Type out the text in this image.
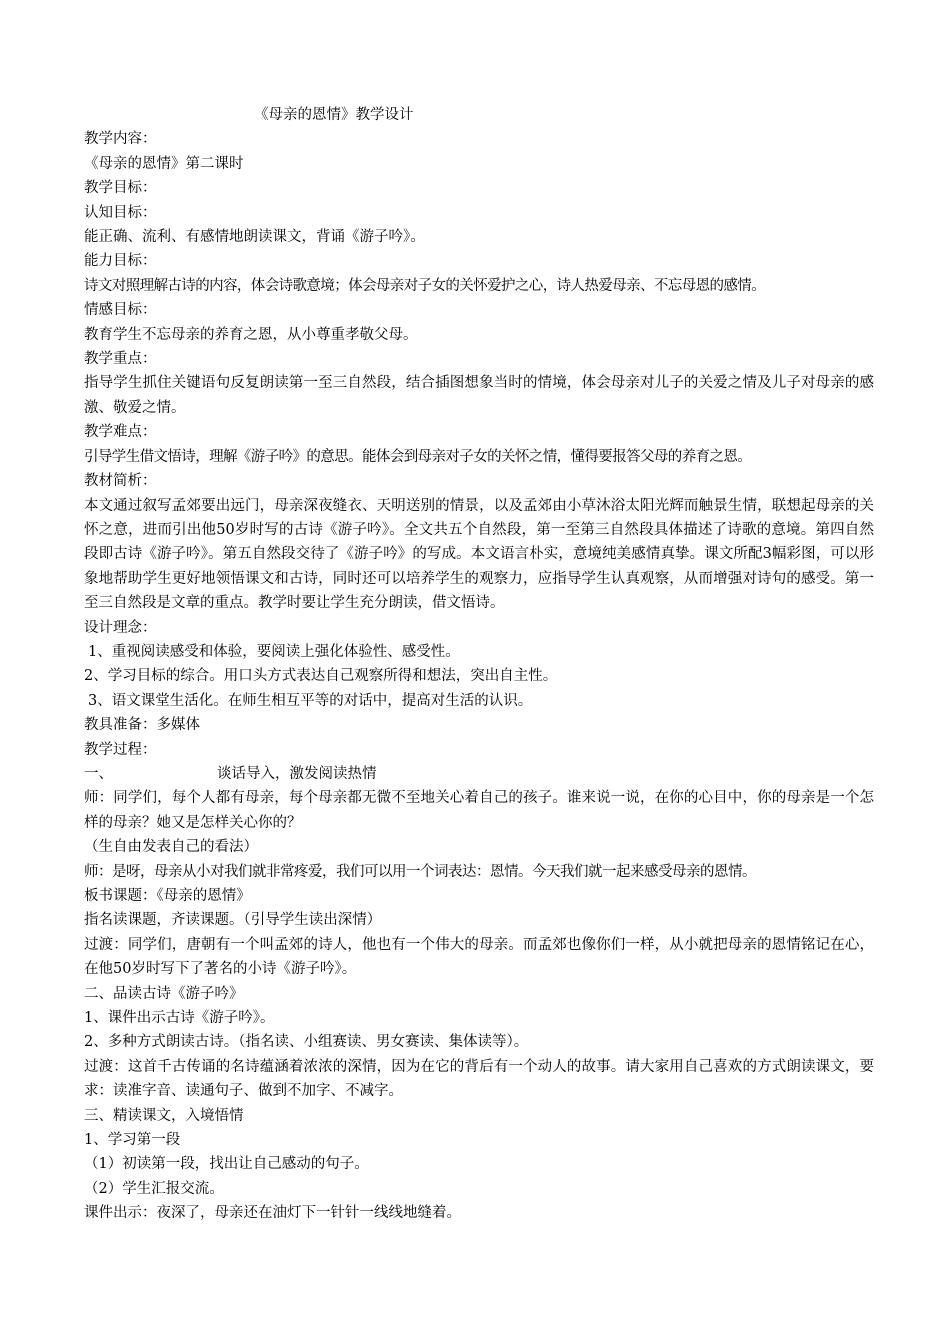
《母亲的恩情》教学设计
教学内容：
《母亲的恩情》第二课时
教学目标：
认知目标：
能正确、流利、有感情地朗读课文，背诵《游子吟》。
能力目标：
诗文对照理解古诗的内容，体会诗歌意境；体会母亲对子女的关怀爱护之心，诗人热爱母亲、不忘母恩的感情。
情感目标：
教育学生不忘母亲的养育之恩，从小尊重孝敬父母。
教学重点：
指导学生抓住关键语句反复朗读第一至三自然段，结合插图想象当时的情境，体会母亲对儿子的关爱之情及儿子对母亲的感激、敬爱之情。
教学难点：
引导学生借文悟诗，理解《游子吟》的意思。能体会到母亲对子女的关怀之情，懂得要报答父母的养育之恩。
教材简析：
本文通过叙写孟郊要出远门，母亲深夜缝衣、天明送别的情景，以及孟郊由小草沐浴太阳光辉而触景生情，联想起母亲的关怀之意，进而引出他50岁时写的古诗《游子吟》。全文共五个自然段，第一至第三自然段具体描述了诗歌的意境。第四自然段即古诗《游子吟》。第五自然段交待了《游子吟》的写成。本文语言朴实，意境纯美感情真挚。课文所配3幅彩图，可以形象地帮助学生更好地领悟课文和古诗，同时还可以培养学生的观察力，应指导学生认真观察，从而增强对诗句的感受。第一至三自然段是文章的重点。教学时要让学生充分朗读，借文悟诗。
设计理念：
1、重视阅读感受和体验，要阅读上强化体验性、感受性。
2、学习目标的综合。用口头方式表达自己观察所得和想法，突出自主性。
3、语文课堂生活化。在师生相互平等的对话中，提高对生活的认识。
教具准备：多媒体
教学过程：
一、	谈话导入，激发阅读热情
师：同学们，每个人都有母亲，每个母亲都无微不至地关心着自己的孩子。谁来说一说，在你的心目中，你的母亲是一个怎样的母亲？她又是怎样关心你的？
（生自由发表自己的看法）
师：是呀，母亲从小对我们就非常疼爱，我们可以用一个词表达：恩情。今天我们就一起来感受母亲的恩情。
板书课题：《母亲的恩情》
指名读课题，齐读课题。（引导学生读出深情）
过渡：同学们，唐朝有一个叫孟郊的诗人，他也有一个伟大的母亲。而孟郊也像你们一样，从小就把母亲的恩情铭记在心，在他50岁时写下了著名的小诗《游子吟》。
二、品读古诗《游子吟》
1、课件出示古诗《游子吟》。
2、多种方式朗读古诗。（指名读、小组赛读、男女赛读、集体读等）。
过渡：这首千古传诵的名诗蕴涵着浓浓的深情，因为在它的背后有一个动人的故事。请大家用自己喜欢的方式朗读课文，要求：读准字音、读通句子、做到不加字、不减字。
三、精读课文，入境悟情
1、学习第一段
（1）初读第一段，找出让自己感动的句子。
（2）学生汇报交流。
课件出示：夜深了，母亲还在油灯下一针针一线线地缝着。
